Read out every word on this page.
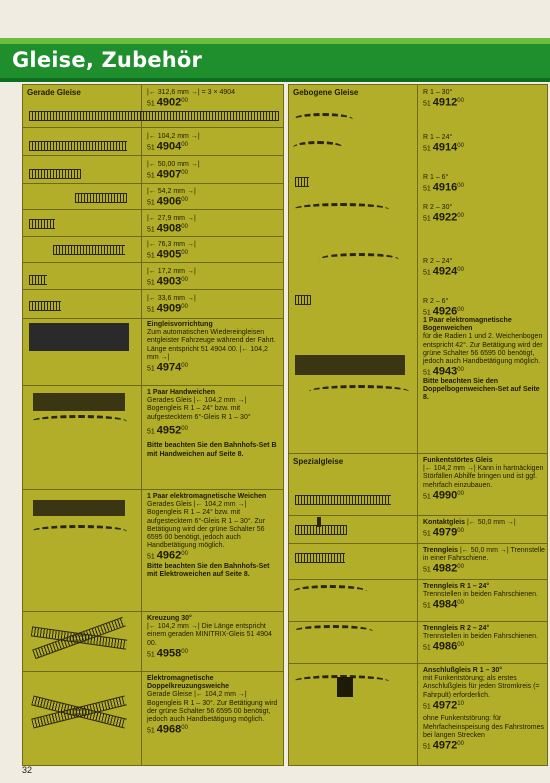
Gleise, Zubehör
Gerade Gleise	|← 312,6 mm →| = 3 × 4904
51 4902$^{00}$
|← 104,2 mm →|
51 4904$^{00}$
|← 50,00 mm →|
51 4907$^{00}$
|← 54,2 mm →|
51 4906$^{00}$
|← 27,9 mm →|
51 4908$^{00}$
|← 76,3 mm →|
51 4905$^{00}$
|← 17,2 mm →|
51 4903$^{00}$
|← 33,6 mm →|
51 4909$^{00}$
Eingleisvorrichtung
Zum automatischen Wiedereingleisen entgleister Fahrzeuge während der Fahrt. Länge entspricht 51 4904 00. |← 104,2 mm →|
51 4974$^{00}$
1 Paar Handweichen
Gerades Gleis |← 104,2 mm →| Bogengleis R 1 – 24° bzw. mit aufgestecktem 6°-Gleis R 1 – 30°
51 4952$^{00}$
Bitte beachten Sie den Bahnhofs-Set B mit Handweichen auf Seite 8.
1 Paar elektromagnetische Weichen
Gerades Gleis |← 104,2 mm →| Bogengleis R 1 – 24° bzw. mit aufgestecktem 6°-Gleis R 1 – 30°. Zur Betätigung wird der grüne Schalter 56 6595 00 benötigt, jedoch auch Handbetätigung möglich.
51 4962$^{00}$
Bitte beachten Sie den Bahnhofs-Set mit Elektroweichen auf Seite 8.
Kreuzung 30°
|← 104,2 mm →| Die Länge entspricht einem geraden MINITRIX-Gleis 51 4904 00.
51 4958$^{00}$
Elektromagnetische Doppelkreuzungsweiche
Gerade Gleise |← 104,2 mm →| Bogengleis R 1 – 30°. Zur Betätigung wird der grüne Schalter 56 6595 00 benötigt, jedoch auch Handbetätigung möglich.
51 4968$^{00}$
Gebogene Gleise	R 1 – 30°
51 4912$^{00}$
R 1 – 24°
51 4914$^{00}$
R 1 – 6°
51 4916$^{00}$
R 2 – 30°
51 4922$^{00}$
R 2 – 24°
51 4924$^{00}$
R 2 – 6°
51 4926$^{00}$
1 Paar elektromagnetische Bogenweichen
für die Radien 1 und 2. Weichenbogen entspricht 42°. Zur Betätigung wird der grüne Schalter 56 6595 00 benötigt, jedoch auch Handbetätigung möglich.
51 4943$^{00}$
Bitte beachten Sie den Doppelbogenweichen-Set auf Seite 8.
Spezialgleise	Funkentstörtes Gleis
|← 104,2 mm →| Kann in hartnäckigen Störfällen Abhilfe bringen und ist ggf. mehrfach einzubauen.
51 4990$^{00}$
Kontaktgleis |← 50,0 mm →|
51 4979$^{00}$
Trenngleis |← 50,0 mm →| Trennstelle in einer Fahrschiene.
51 4982$^{00}$
Trenngleis R 1 – 24°
Trennstellen in beiden Fahrschienen.
51 4984$^{00}$
Trenngleis R 2 – 24°
Trennstellen in beiden Fahrschienen.
51 4986$^{00}$
Anschlußgleis R 1 – 30°
mit Funkentstörung; als erstes Anschlußgleis für jeden Stromkreis (= Fahrpult) erforderlich.
51 4972$^{10}$
ohne Funkentstörung: für Mehrfacheinspeisung des Fahrstromes bei langen Strecken
51 4972$^{00}$
32
